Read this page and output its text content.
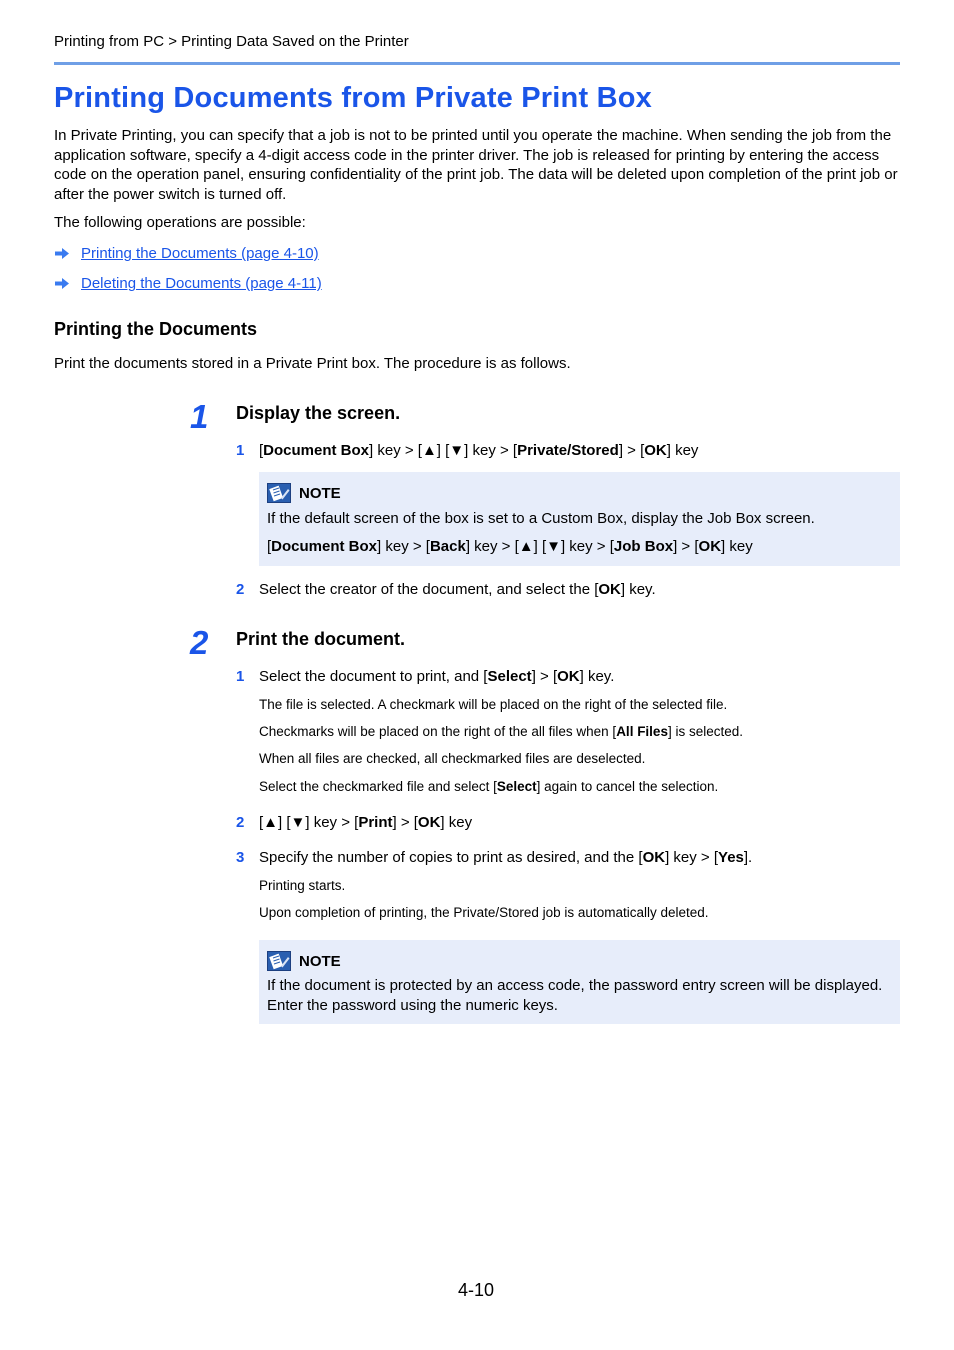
Printing from PC > Printing Data Saved on the Printer
Printing Documents from Private Print Box
In Private Printing, you can specify that a job is not to be printed until you operate the machine. When sending the job from the application software, specify a 4-digit access code in the printer driver. The job is released for printing by entering the access code on the operation panel, ensuring confidentiality of the print job. The data will be deleted upon completion of the print job or after the power switch is turned off.
The following operations are possible:
Printing the Documents (page 4-10)
Deleting the Documents (page 4-11)
Printing the Documents
Print the documents stored in a Private Print box. The procedure is as follows.
1 Display the screen.
1 [Document Box] key > [▲] [▼] key > [Private/Stored] > [OK] key
NOTE
If the default screen of the box is set to a Custom Box, display the Job Box screen.
[Document Box] key > [Back] key > [▲] [▼] key > [Job Box] > [OK] key
2 Select the creator of the document, and select the [OK] key.
2 Print the document.
1 Select the document to print, and [Select] > [OK] key.
The file is selected. A checkmark will be placed on the right of the selected file.
Checkmarks will be placed on the right of the all files when [All Files] is selected.
When all files are checked, all checkmarked files are deselected.
Select the checkmarked file and select [Select] again to cancel the selection.
2 [▲] [▼] key > [Print] > [OK] key
3 Specify the number of copies to print as desired, and the [OK] key > [Yes].
Printing starts.
Upon completion of printing, the Private/Stored job is automatically deleted.
NOTE
If the document is protected by an access code, the password entry screen will be displayed. Enter the password using the numeric keys.
4-10
